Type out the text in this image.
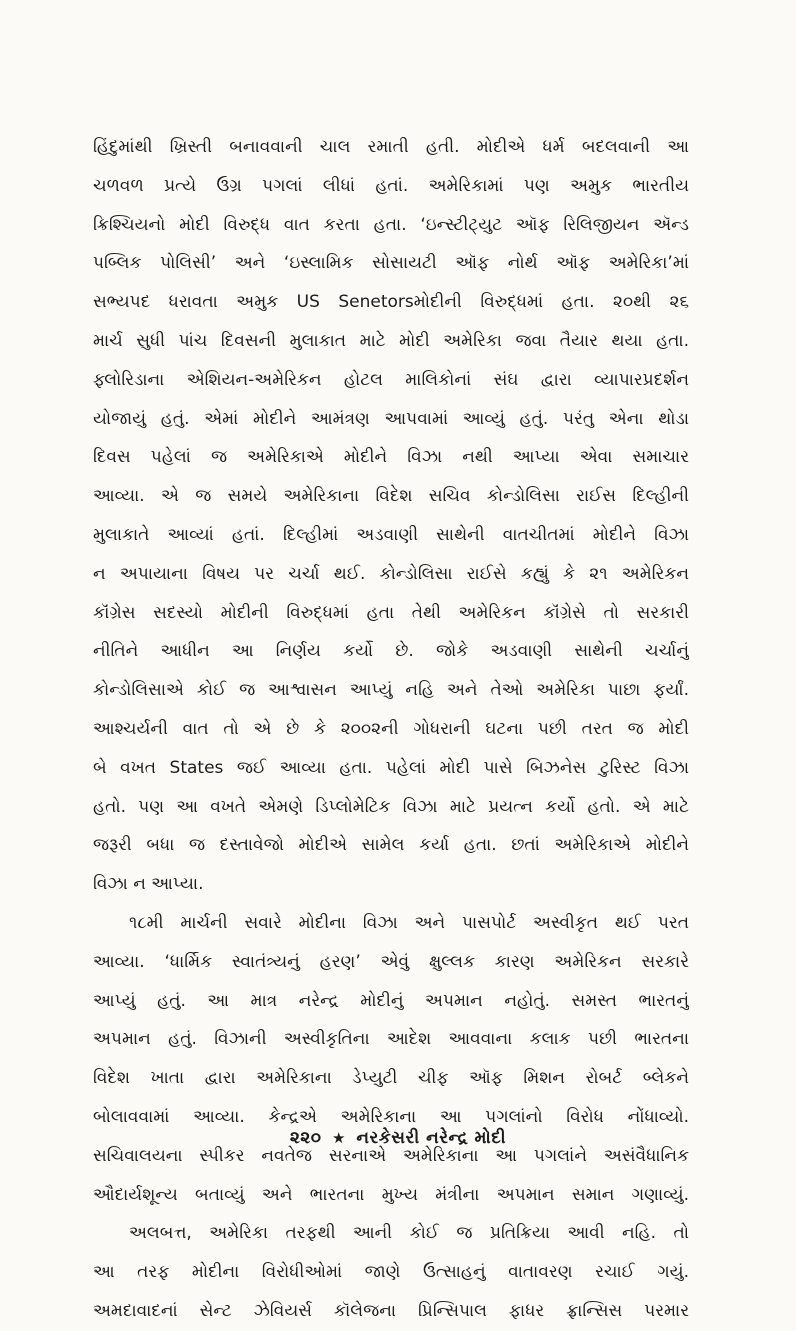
હિંદુમાંથી ખ્રિસ્તી બનાવવાની ચાલ રમાતી હતી. મોદીએ ધર્મ બદલવાની આ
ચળવળ પ્રત્યે ઉગ્ર પગલાં લીધાં હતાં. અમેરિકામાં પણ અમુક ભારતીય
ક્રિશ્ચિયનો મોદી વિરુદ્ધ વાત કરતા હતા. ‘ઇન્સ્ટીટ્યુટ ઑફ રિલિજીયન ઍન્ડ
પબ્લિક પોલિસી’ અને ‘ઇસ્લામિક સોસાયટી ઑફ નોર્થ ઑફ અમેરિકા’માં
સભ્યપદ ધરાવતા અમુક US Senetorsમોદીની વિરુદ્ધમાં હતા. ૨૦થી ૨૬
માર્ચ સુધી પાંચ દિવસની મુલાકાત માટે મોદી અમેરિકા જવા તૈયાર થયા હતા.
ફ્લોરિડાના એશિયન-અમેરિકન હોટલ માલિકોનાં સંઘ દ્વારા વ્યાપારપ્રદર્શન
યોજાયું હતું. એમાં મોદીને આમંત્રણ આપવામાં આવ્યું હતું. પરંતુ એના થોડા
દિવસ પહેલાં જ અમેરિકાએ મોદીને વિઝા નથી આપ્યા એવા સમાચાર
આવ્યા. એ જ સમયે અમેરિકાના વિદેશ સચિવ કોન્ડોલિસા રાઈસ દિલ્હીની
મુલાકાતે આવ્યાં હતાં. દિલ્હીમાં અડવાણી સાથેની વાતચીતમાં મોદીને વિઝા
ન અપાયાના વિષય પર ચર્ચા થઈ. કોન્ડોલિસા રાઈસે કહ્યું કે ૨૧ અમેરિકન
કૉંગ્રેસ સદસ્યો મોદીની વિરુદ્ધમાં હતા તેથી અમેરિકન કૉંગ્રેસે તો સરકારી
નીતિને આધીન આ નિર્ણય કર્યો છે. જોકે અડવાણી સાથેની ચર્ચાનું
કોન્ડોલિસાએ કોઈ જ આશ્વાસન આપ્યું નહિ અને તેઓ અમેરિકા પાછા ફર્યાં.
આશ્ચર્યની વાત તો એ છે કે ૨૦૦૨ની ગોધરાની ઘટના પછી તરત જ મોદી
બે વખત States જઈ આવ્યા હતા. પહેલાં મોદી પાસે બિઝનેસ ટુરિસ્ટ વિઝા
હતો. પણ આ વખતે એમણે ડિપ્લોમેટિક વિઝા માટે પ્રયત્ન કર્યો હતો. એ માટે
જરૂરી બધા જ દસ્તાવેજો મોદીએ સામેલ કર્યા હતા. છતાં અમેરિકાએ મોદીને
વિઝા ન આપ્યા.
૧૮મી માર્ચની સવારે મોદીના વિઝા અને પાસપોર્ટ અસ્વીકૃત થઈ પરત
આવ્યા. ‘ધાર્મિક સ્વાતંત્ર્યનું હરણ’ એવું ક્ષુલ્લક કારણ અમેરિકન સરકારે
આપ્યું હતું. આ માત્ર નરેન્દ્ર મોદીનું અપમાન નહોતું. સમસ્ત ભારતનું
અપમાન હતું. વિઝાની અસ્વીકૃતિના આદેશ આવવાના કલાક પછી ભારતના
વિદેશ ખાતા દ્વારા અમેરિકાના ડેપ્યુટી ચીફ ઑફ મિશન રોબર્ટ બ્લેકને
બોલાવવામાં આવ્યા. કેન્દ્રએ અમેરિકાના આ પગલાંનો વિરોધ નોંધાવ્યો.
સચિવાલયના સ્પીકર નવતેજ સરનાએ અમેરિકાના આ પગલાંને અસંવૈધાનિક
ઔદાર્યશૂન્ય બતાવ્યું અને ભારતના મુખ્ય મંત્રીના અપમાન સમાન ગણાવ્યું.
અલબત્ત, અમેરિકા તરફથી આની કોઈ જ પ્રતિક્રિયા આવી નહિ. તો
આ તરફ મોદીના વિરોધીઓમાં જાણે ઉત્સાહનું વાતાવરણ રચાઈ ગયું.
અમદાવાદનાં સેન્ટ ઝેવિયર્સ કૉલેજના પ્રિન્સિપાલ ફાધર ફ્રાન્સિસ પરમાર
૨૨૦ ★ નરકેસરી નરેન્દ્ર મોદી
